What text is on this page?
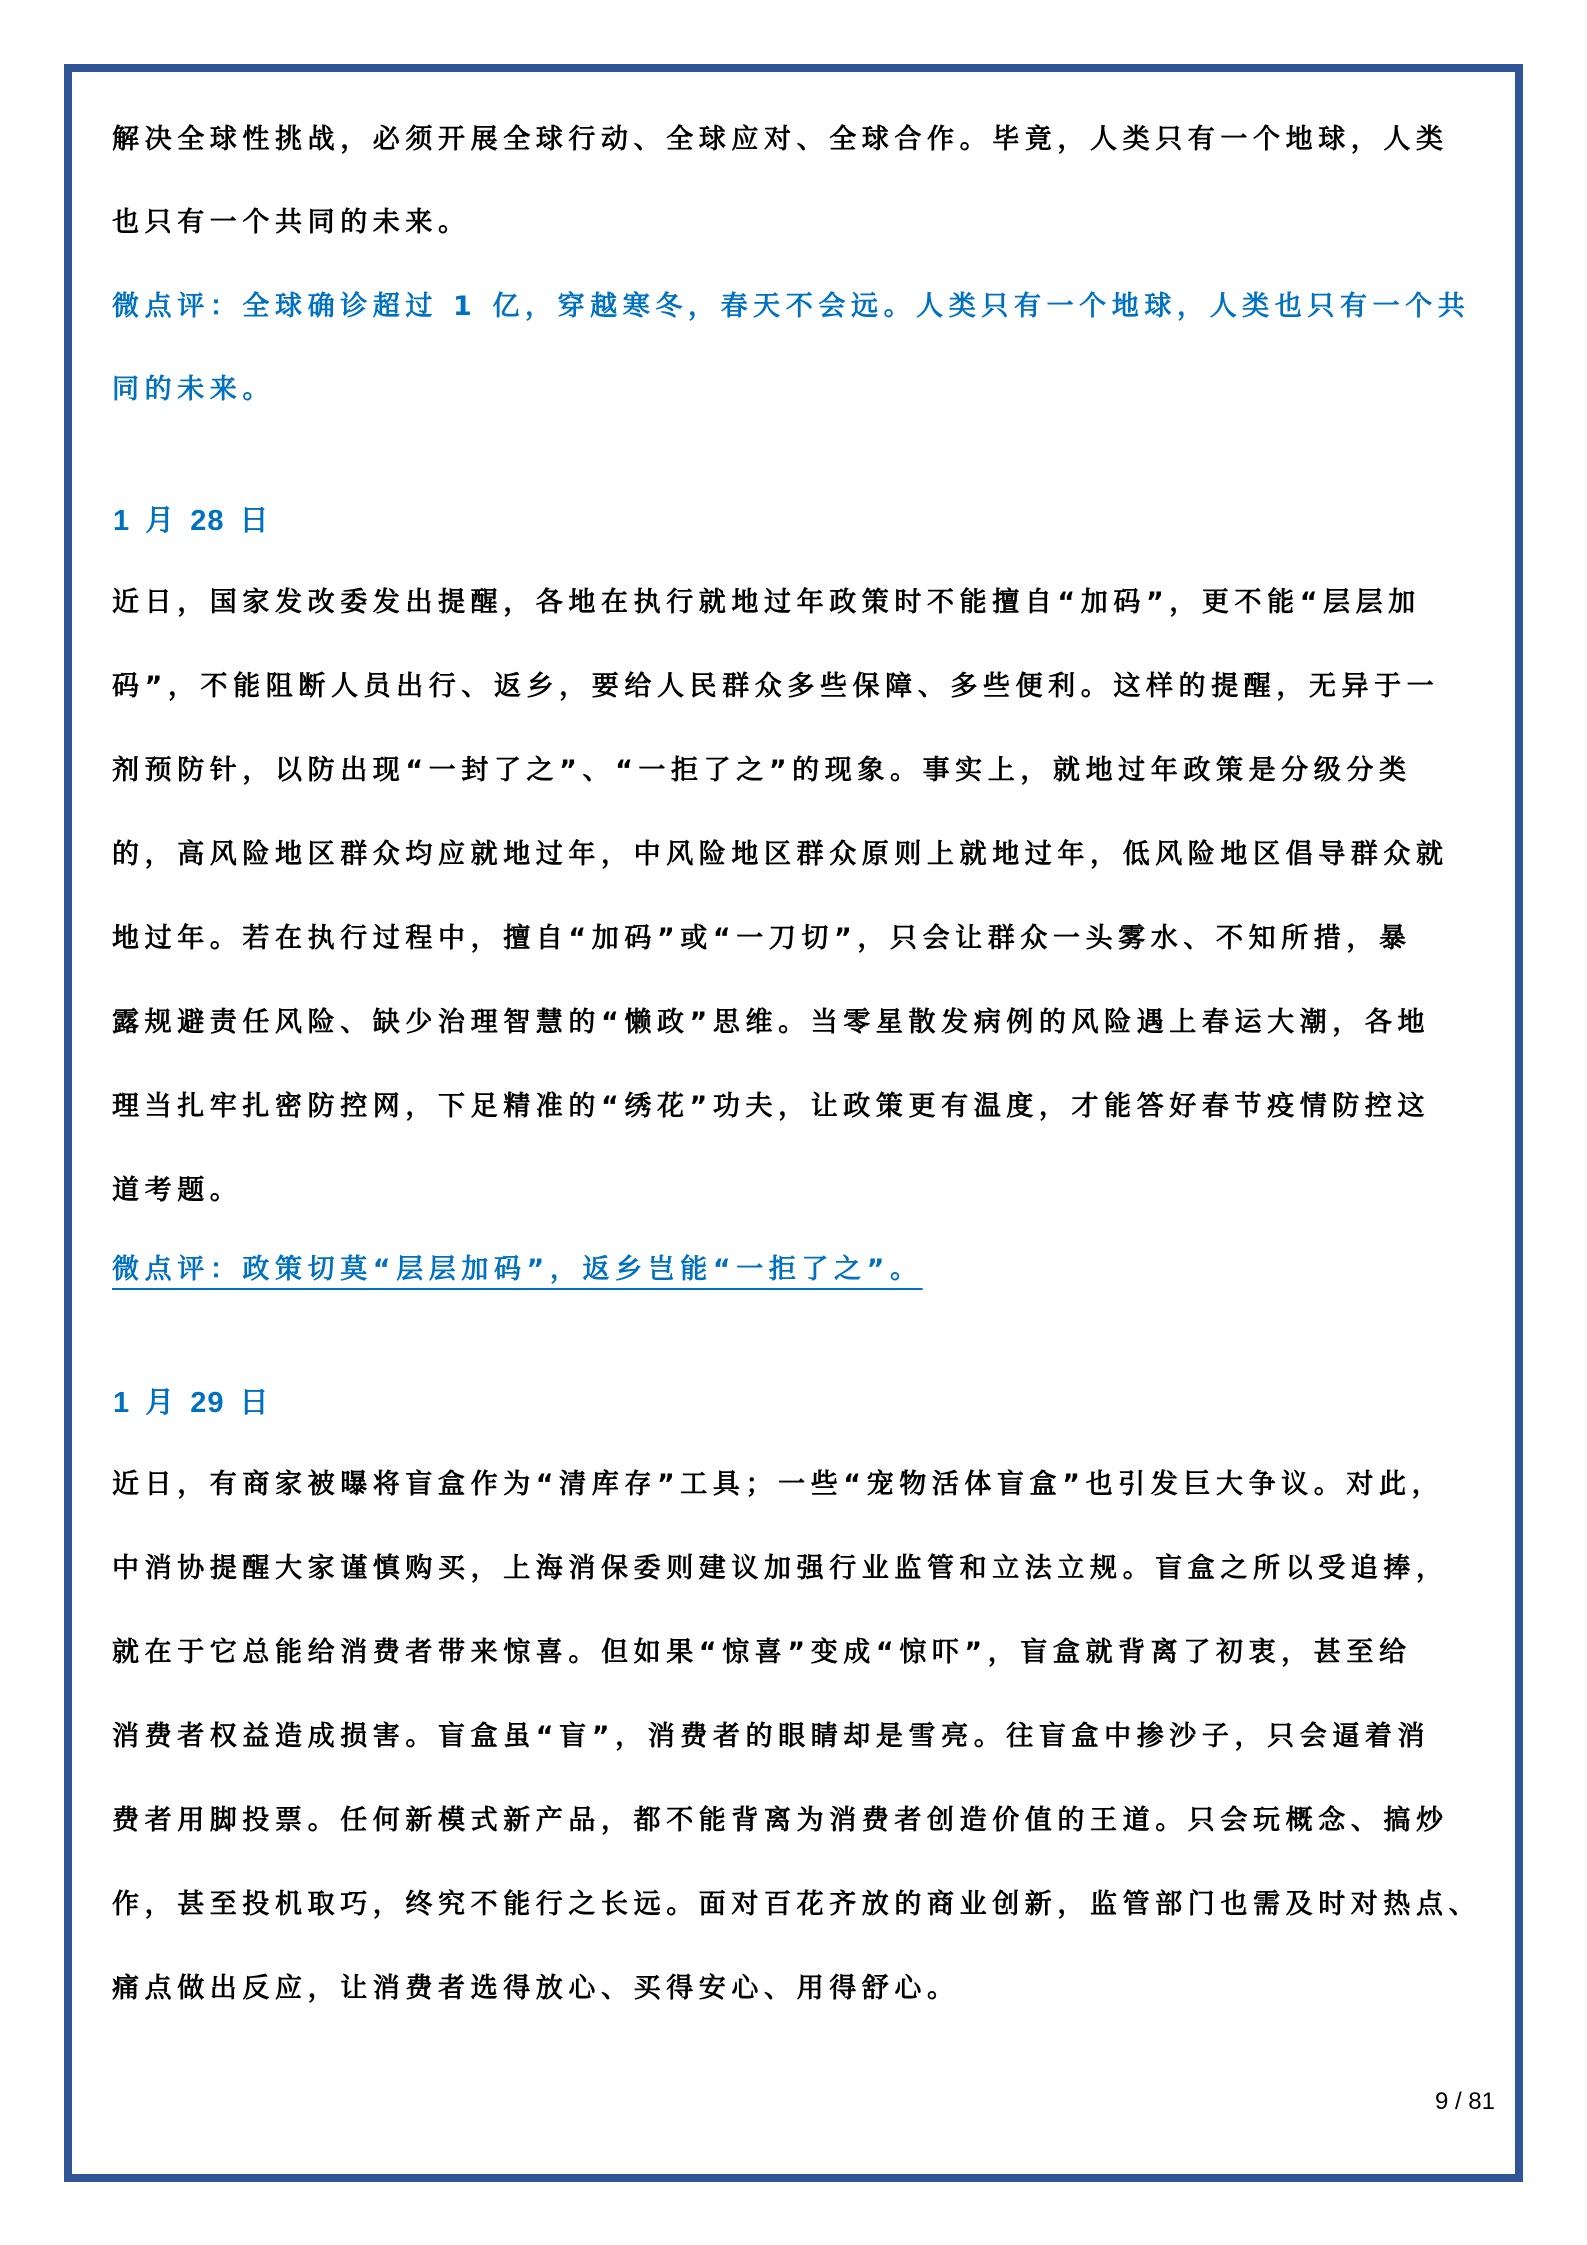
解决全球性挑战，必须开展全球行动、全球应对、全球合作。毕竟，人类只有一个地球，人类
也只有一个共同的未来。
微点评：全球确诊超过 1 亿，穿越寒冬，春天不会远。人类只有一个地球，人类也只有一个共
同的未来。
1 月 28 日
近日，国家发改委发出提醒，各地在执行就地过年政策时不能擅自“加码”，更不能“层层加
码”，不能阻断人员出行、返乡，要给人民群众多些保障、多些便利。这样的提醒，无异于一
剂预防针，以防出现“一封了之”、“一拒了之”的现象。事实上，就地过年政策是分级分类
的，高风险地区群众均应就地过年，中风险地区群众原则上就地过年，低风险地区倡导群众就
地过年。若在执行过程中，擅自“加码”或“一刀切”，只会让群众一头雾水、不知所措，暴
露规避责任风险、缺少治理智慧的“懒政”思维。当零星散发病例的风险遇上春运大潮，各地
理当扎牢扎密防控网，下足精准的“绣花”功夫，让政策更有温度，才能答好春节疫情防控这
道考题。
微点评：政策切莫“层层加码”，返乡岂能“一拒了之”。
1 月 29 日
近日，有商家被曝将盲盒作为“清库存”工具；一些“宠物活体盲盒”也引发巨大争议。对此，
中消协提醒大家谨慎购买，上海消保委则建议加强行业监管和立法立规。盲盒之所以受追捧，
就在于它总能给消费者带来惊喜。但如果“惊喜”变成“惊吓”，盲盒就背离了初衷，甚至给
消费者权益造成损害。盲盒虽“盲”，消费者的眼睛却是雪亮。往盲盒中掺沙子，只会逼着消
费者用脚投票。任何新模式新产品，都不能背离为消费者创造价值的王道。只会玩概念、搞炒
作，甚至投机取巧，终究不能行之长远。面对百花齐放的商业创新，监管部门也需及时对热点、
痛点做出反应，让消费者选得放心、买得安心、用得舒心。
9 / 81
